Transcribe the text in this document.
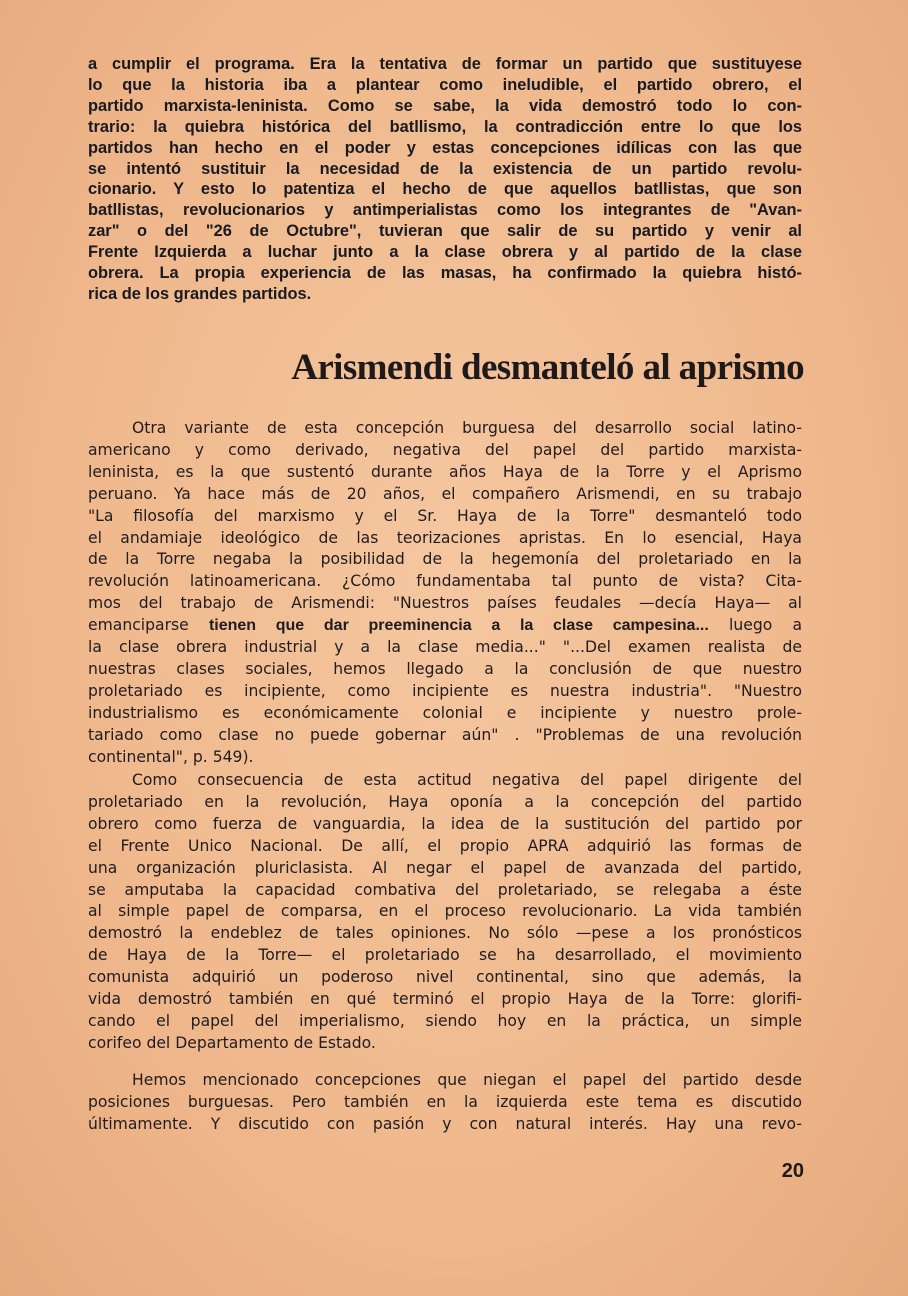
a cumplir el programa. Era la tentativa de formar un partido que sustituyese
lo que la historia iba a plantear como ineludible, el partido obrero, el
partido marxista-leninista. Como se sabe, la vida demostró todo lo con-
trario: la quiebra histórica del batllismo, la contradicción entre lo que los
partidos han hecho en el poder y estas concepciones idílicas con las que
se intentó sustituir la necesidad de la existencia de un partido revolu-
cionario. Y esto lo patentiza el hecho de que aquellos batllistas, que son
batllistas, revolucionarios y antimperialistas como los integrantes de "Avan-
zar" o del "26 de Octubre", tuvieran que salir de su partido y venir al
Frente Izquierda a luchar junto a la clase obrera y al partido de la clase
obrera. La propia experiencia de las masas, ha confirmado la quiebra histó-
rica de los grandes partidos.
Arismendi desmanteló al aprismo
Otra variante de esta concepción burguesa del desarrollo social latino-
americano y como derivado, negativa del papel del partido marxista-
leninista, es la que sustentó durante años Haya de la Torre y el Aprismo
peruano. Ya hace más de 20 años, el compañero Arismendi, en su trabajo
"La filosofía del marxismo y el Sr. Haya de la Torre" desmanteló todo
el andamiaje ideológico de las teorizaciones apristas. En lo esencial, Haya
de la Torre negaba la posibilidad de la hegemonía del proletariado en la
revolución latinoamericana. ¿Cómo fundamentaba tal punto de vista? Cita-
mos del trabajo de Arismendi: "Nuestros países feudales —decía Haya— al
emanciparse tienen que dar preeminencia a la clase campesina... luego a
la clase obrera industrial y a la clase media..." "...Del examen realista de
nuestras clases sociales, hemos llegado a la conclusión de que nuestro
proletariado es incipiente, como incipiente es nuestra industria". "Nuestro
industrialismo es económicamente colonial e incipiente y nuestro prole-
tariado como clase no puede gobernar aún" . "Problemas de una revolución
continental", p. 549).
Como consecuencia de esta actitud negativa del papel dirigente del
proletariado en la revolución, Haya oponía a la concepción del partido
obrero como fuerza de vanguardia, la idea de la sustitución del partido por
el Frente Unico Nacional. De allí, el propio APRA adquirió las formas de
una organización pluriclasista. Al negar el papel de avanzada del partido,
se amputaba la capacidad combativa del proletariado, se relegaba a éste
al simple papel de comparsa, en el proceso revolucionario. La vida también
demostró la endeblez de tales opiniones. No sólo —pese a los pronósticos
de Haya de la Torre— el proletariado se ha desarrollado, el movimiento
comunista adquirió un poderoso nivel continental, sino que además, la
vida demostró también en qué terminó el propio Haya de la Torre: glorifi-
cando el papel del imperialismo, siendo hoy en la práctica, un simple
corifeo del Departamento de Estado.
Hemos mencionado concepciones que niegan el papel del partido desde
posiciones burguesas. Pero también en la izquierda este tema es discutido
últimamente. Y discutido con pasión y con natural interés. Hay una revo-
20
